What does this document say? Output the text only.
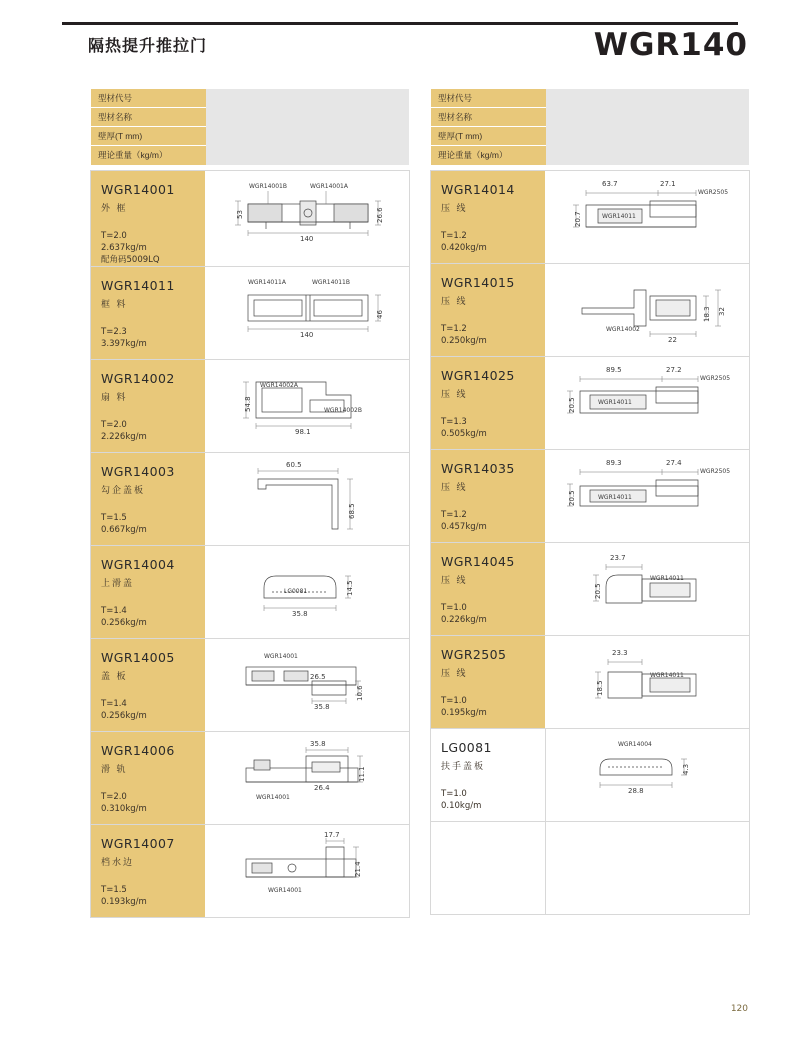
隔热提升推拉门	WGR140
型材代号
型材名称
壁厚(T mm)
理论重量（kg/m）
WGR14001
外 框
T=2.0
2.637kg/m
配角码5009LQ
WGR14001B	WGR14001A
53	26.6
140
WGR14011
框 料
T=2.3
3.397kg/m
WGR14011A	WGR14011B
46
140
WGR14002
扇 料
T=2.0
2.226kg/m
54.8
WGR14002A
WGR14002B
98.1
WGR14003
勾企盖板
T=1.5
0.667kg/m
60.5
68.5
WGR14004
上滑盖
T=1.4
0.256kg/m
14.5
LG0081
35.8
WGR14005
盖 板
T=1.4
0.256kg/m
WGR14001
26.5
35.8
10.6
WGR14006
滑 轨
T=2.0
0.310kg/m
35.8
11.1
26.4
WGR14001
WGR14007
档水边
T=1.5
0.193kg/m
17.7
21.4
WGR14001
型材代号
型材名称
壁厚(T mm)
理论重量（kg/m）
WGR14014
压 线
T=1.2
0.420kg/m
63.7	27.1
20.7
WGR2505
WGR14011
WGR14015
压 线
T=1.2
0.250kg/m
18.3 32
WGR14002
22
WGR14025
压 线
T=1.3
0.505kg/m
89.5	27.2
20.5
WGR2505
WGR14011
WGR14035
压 线
T=1.2
0.457kg/m
89.3	27.4
20.5
WGR2505
WGR14011
WGR14045
压 线
T=1.0
0.226kg/m
23.7
20.5
WGR14011
WGR2505
压 线
T=1.0
0.195kg/m
23.3
18.5
WGR14011
LG0081
扶手盖板
T=1.0
0.10kg/m
WGR14004
28.8
4.3
120
